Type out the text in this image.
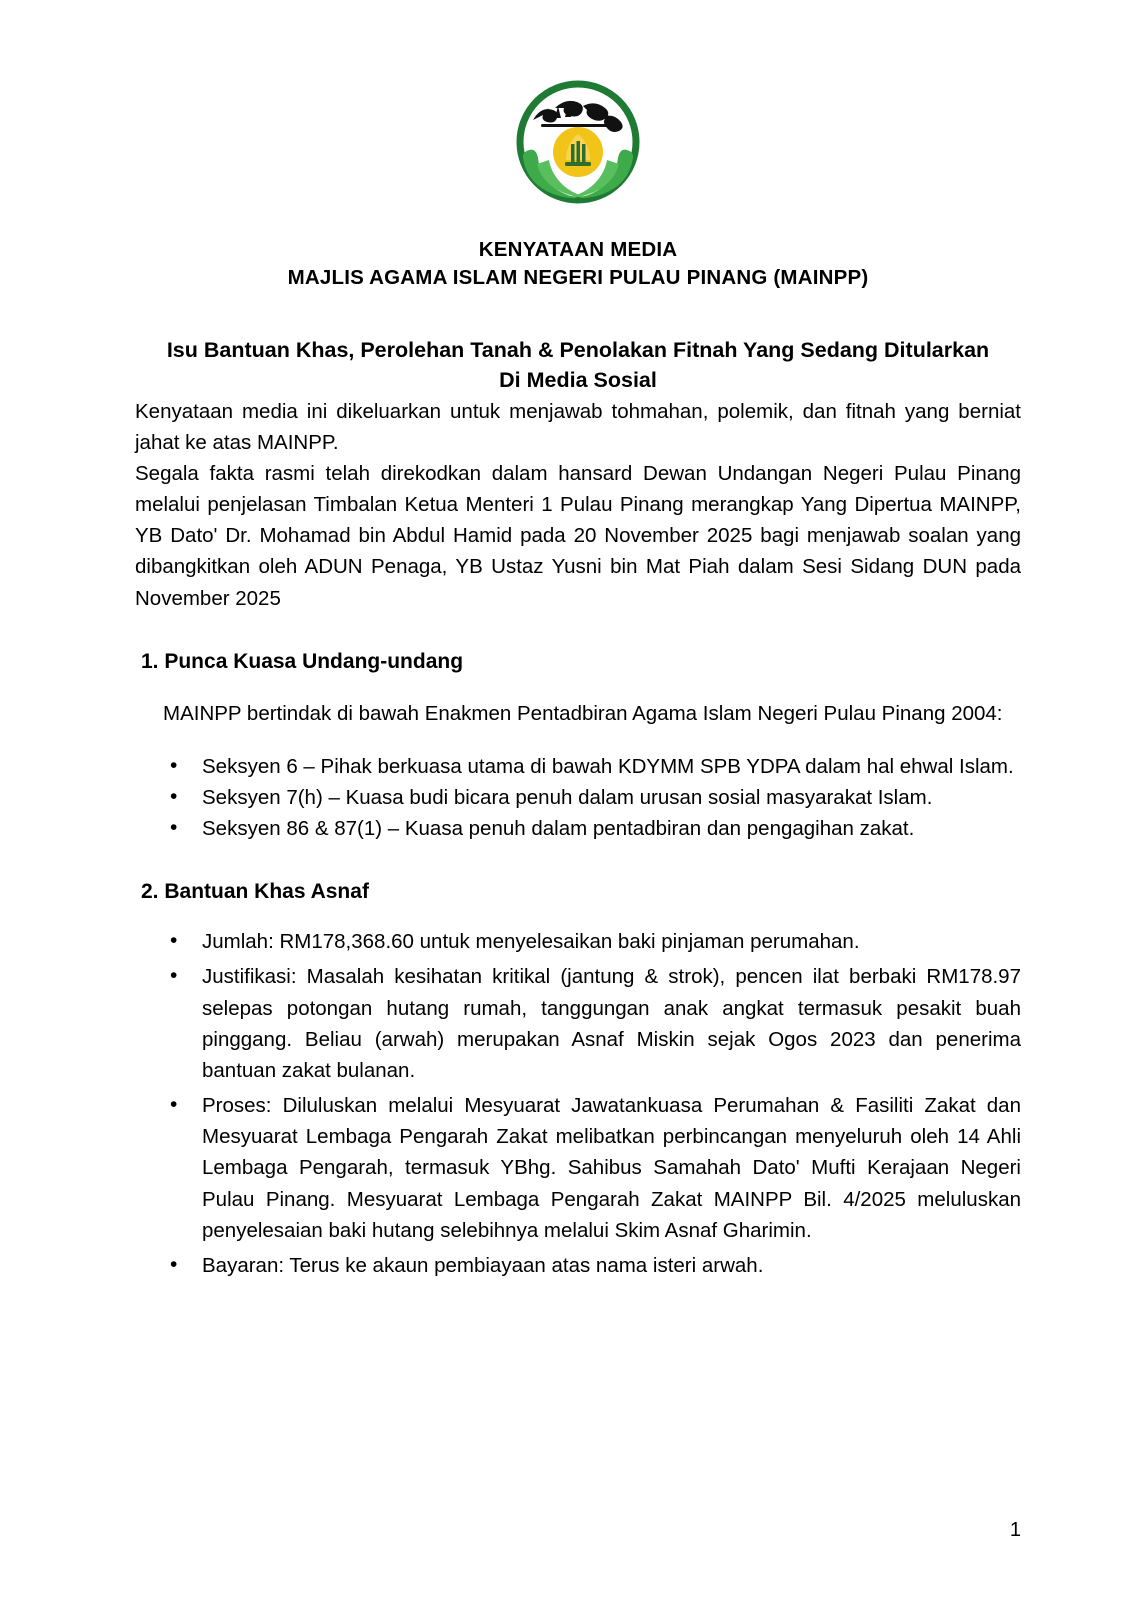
KENYATAAN MEDIA
MAJLIS AGAMA ISLAM NEGERI PULAU PINANG (MAINPP)
Isu Bantuan Khas, Perolehan Tanah & Penolakan Fitnah Yang Sedang Ditularkan
Di Media Sosial

Kenyataan media ini dikeluarkan untuk menjawab tohmahan, polemik, dan fitnah yang berniat jahat ke atas MAINPP.

Segala fakta rasmi telah direkodkan dalam hansard Dewan Undangan Negeri Pulau Pinang melalui penjelasan Timbalan Ketua Menteri 1 Pulau Pinang merangkap Yang Dipertua MAINPP, YB Dato' Dr. Mohamad bin Abdul Hamid pada 20 November 2025 bagi menjawab soalan yang dibangkitkan oleh ADUN Penaga, YB Ustaz Yusni bin Mat Piah dalam Sesi Sidang DUN pada November 2025

1. Punca Kuasa Undang-undang

MAINPP bertindak di bawah Enakmen Pentadbiran Agama Islam Negeri Pulau Pinang 2004:

• Seksyen 6 – Pihak berkuasa utama di bawah KDYMM SPB YDPA dalam hal ehwal Islam.
• Seksyen 7(h) – Kuasa budi bicara penuh dalam urusan sosial masyarakat Islam.
• Seksyen 86 & 87(1) – Kuasa penuh dalam pentadbiran dan pengagihan zakat.
2. Bantuan Khas Asnaf
• Jumlah: RM178,368.60 untuk menyelesaikan baki pinjaman perumahan.
• Justifikasi: Masalah kesihatan kritikal (jantung & strok), pencen ilat berbaki RM178.97 selepas potongan hutang rumah, tanggungan anak angkat termasuk pesakit buah pinggang. Beliau (arwah) merupakan Asnaf Miskin sejak Ogos 2023 dan penerima bantuan zakat bulanan.
• Proses: Diluluskan melalui Mesyuarat Jawatankuasa Perumahan & Fasiliti Zakat dan Mesyuarat Lembaga Pengarah Zakat melibatkan perbincangan menyeluruh oleh 14 Ahli Lembaga Pengarah, termasuk YBhg. Sahibus Samahah Dato' Mufti Kerajaan Negeri Pulau Pinang. Mesyuarat Lembaga Pengarah Zakat MAINPP Bil. 4/2025 meluluskan penyelesaian baki hutang selebihnya melalui Skim Asnaf Gharimin.
• Bayaran: Terus ke akaun pembiayaan atas nama isteri arwah.
1
